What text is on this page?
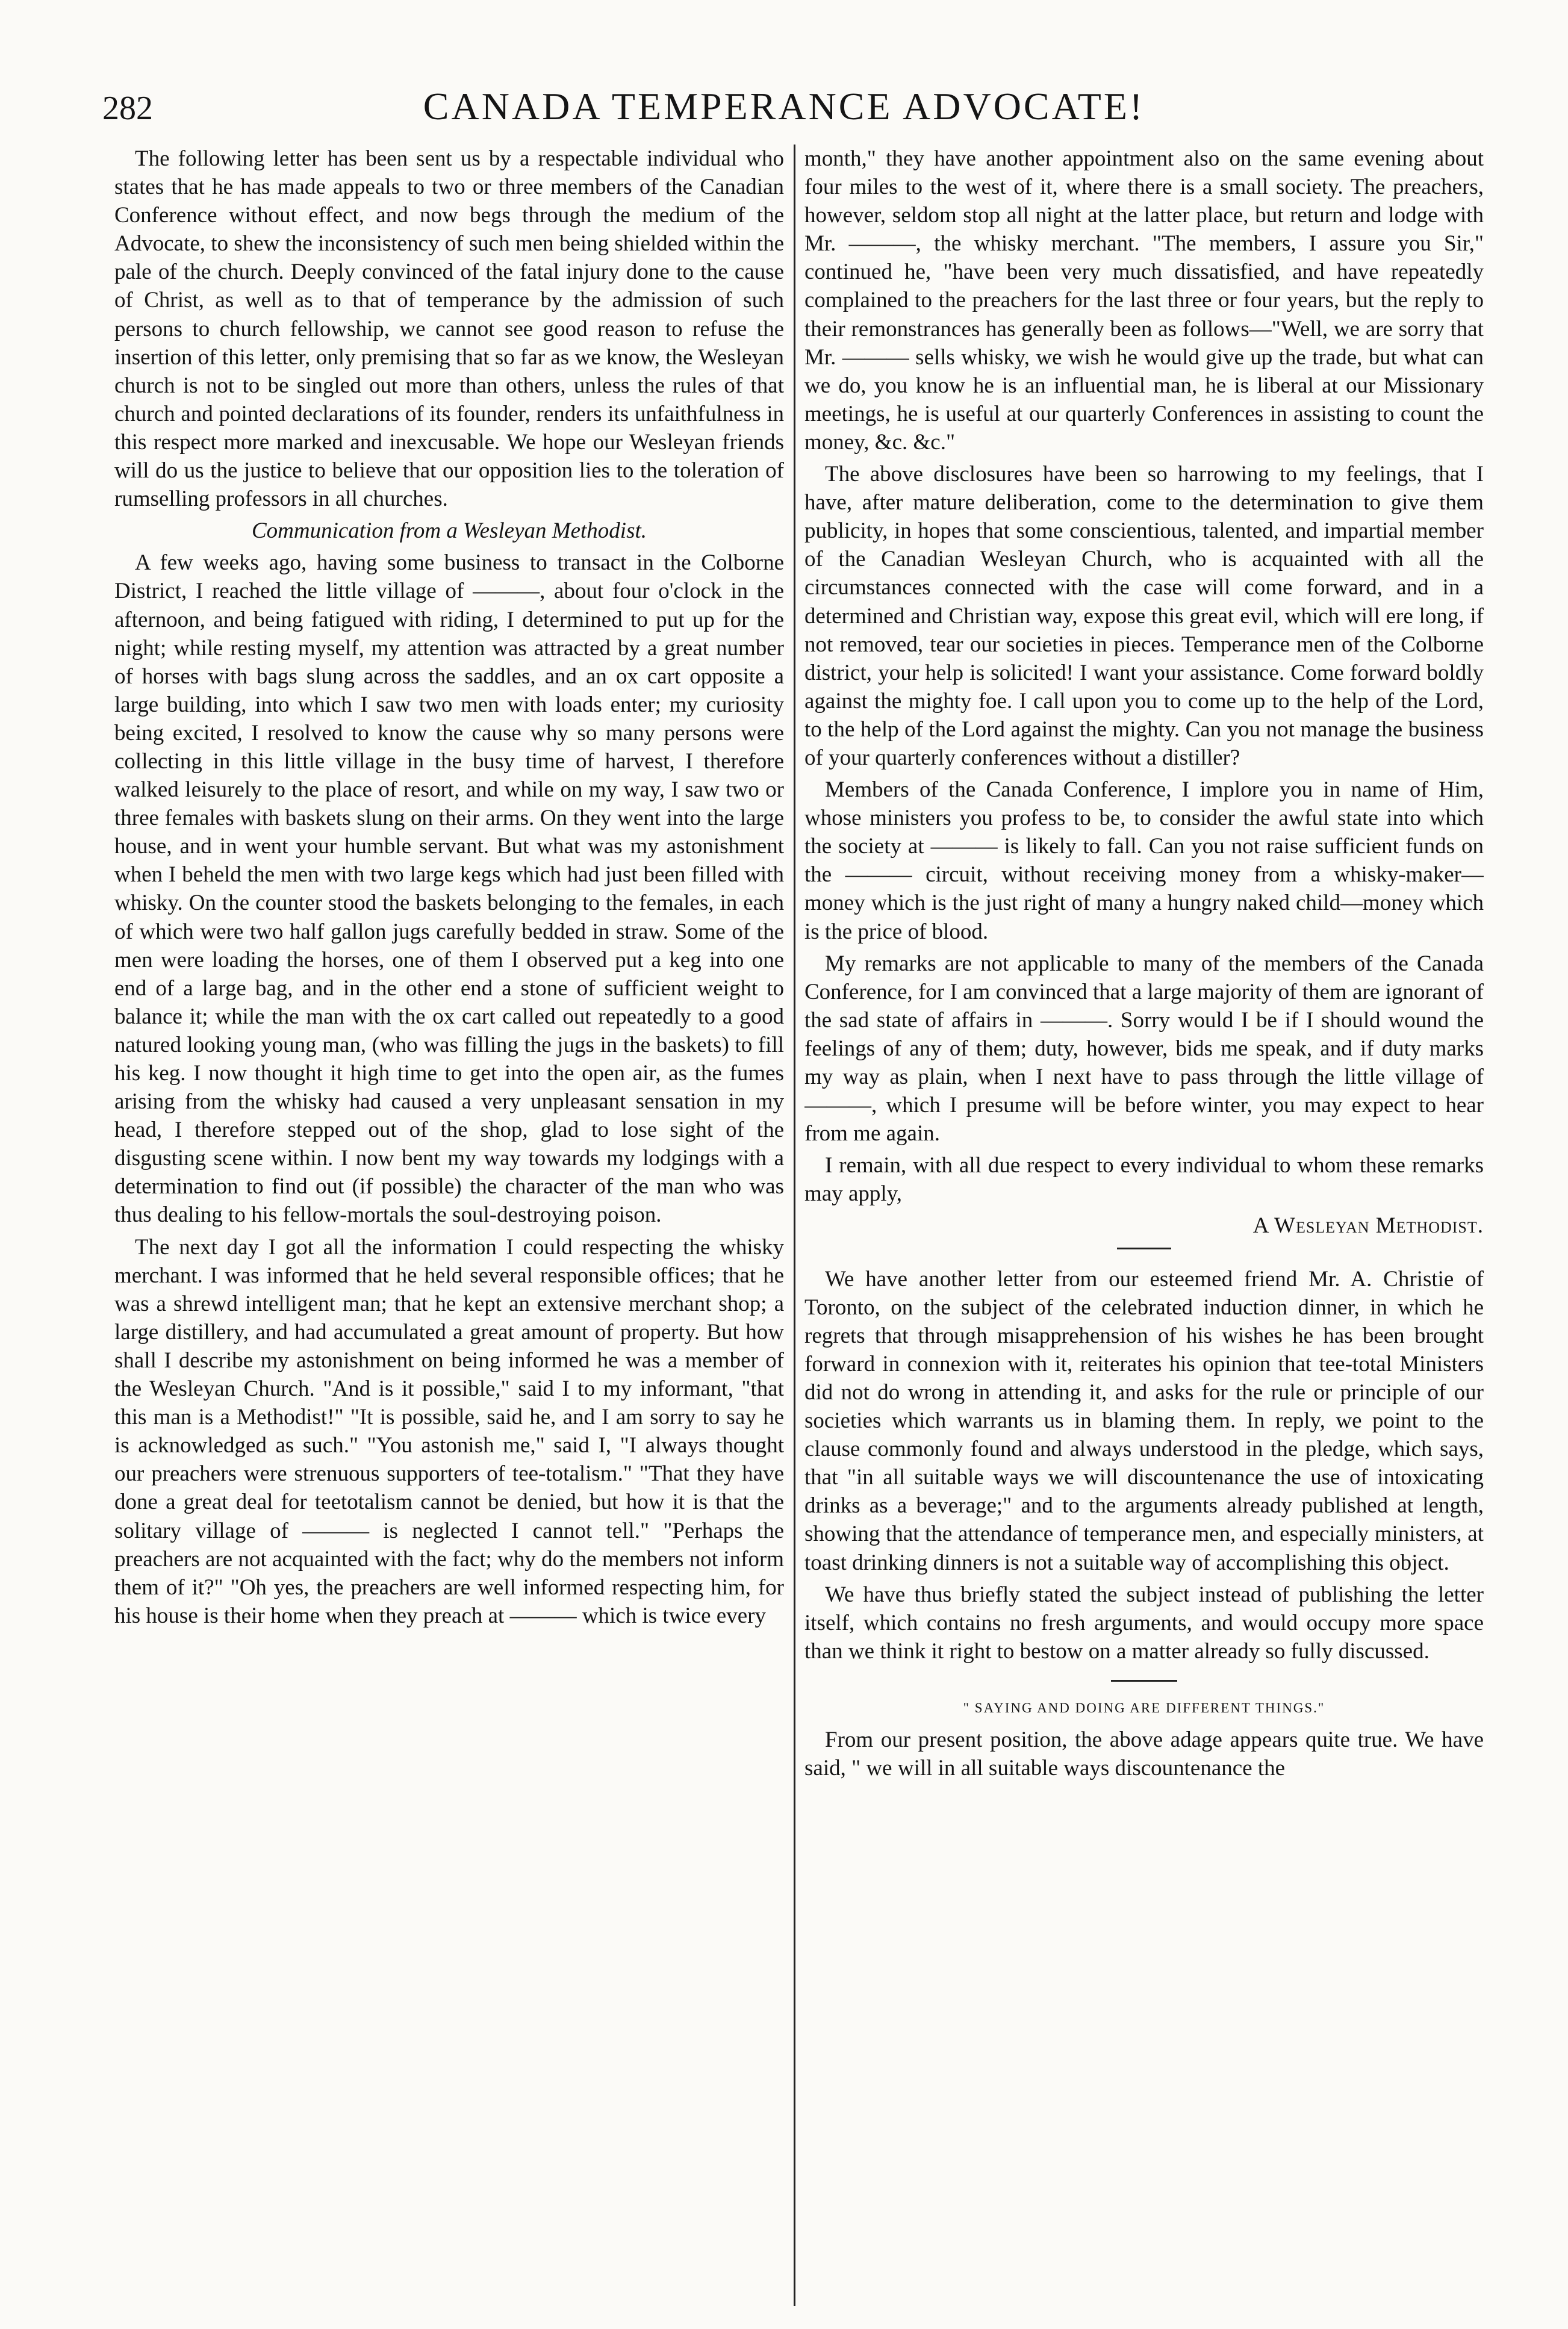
282	CANADA TEMPERANCE ADVOCATE!

The following letter has been sent us by a respectable individual who states that he has made appeals to two or three members of the Canadian Conference without effect, and now begs through the medium of the Advocate, to shew the inconsistency of such men being shielded within the pale of the church. Deeply convinced of the fatal injury done to the cause of Christ, as well as to that of temperance by the admission of such persons to church fellowship, we cannot see good reason to refuse the insertion of this letter, only premising that so far as we know, the Wesleyan church is not to be singled out more than others, unless the rules of that church and pointed declarations of its founder, renders its unfaithfulness in this respect more marked and inexcusable. We hope our Wesleyan friends will do us the justice to believe that our opposition lies to the toleration of rumselling professors in all churches.

Communication from a Wesleyan Methodist.

A few weeks ago, having some business to transact in the Colborne District, I reached the little village of ———, about four o'clock in the afternoon, and being fatigued with riding, I determined to put up for the night; while resting myself, my attention was attracted by a great number of horses with bags slung across the saddles, and an ox cart opposite a large building, into which I saw two men with loads enter; my curiosity being excited, I resolved to know the cause why so many persons were collecting in this little village in the busy time of harvest, I therefore walked leisurely to the place of resort, and while on my way, I saw two or three females with baskets slung on their arms. On they went into the large house, and in went your humble servant. But what was my astonishment when I beheld the men with two large kegs which had just been filled with whisky. On the counter stood the baskets belonging to the females, in each of which were two half gallon jugs carefully bedded in straw. Some of the men were loading the horses, one of them I observed put a keg into one end of a large bag, and in the other end a stone of sufficient weight to balance it; while the man with the ox cart called out repeatedly to a good natured looking young man, (who was filling the jugs in the baskets) to fill his keg. I now thought it high time to get into the open air, as the fumes arising from the whisky had caused a very unpleasant sensation in my head, I therefore stepped out of the shop, glad to lose sight of the disgusting scene within. I now bent my way towards my lodgings with a determination to find out (if possible) the character of the man who was thus dealing to his fellow-mortals the soul-destroying poison.

The next day I got all the information I could respecting the whisky merchant. I was informed that he held several responsible offices; that he was a shrewd intelligent man; that he kept an extensive merchant shop; a large distillery, and had accumulated a great amount of property. But how shall I describe my astonishment on being informed he was a member of the Wesleyan Church. "And is it possible," said I to my informant, "that this man is a Methodist!" "It is possible, said he, and I am sorry to say he is acknowledged as such." "You astonish me," said I, "I always thought our preachers were strenuous supporters of tee-totalism." "That they have done a great deal for teetotalism cannot be denied, but how it is that the solitary village of ——— is neglected I cannot tell." "Perhaps the preachers are not acquainted with the fact; why do the members not inform them of it?" "Oh yes, the preachers are well informed respecting him, for his house is their home when they preach at ——— which is twice every

month," they have another appointment also on the same evening about four miles to the west of it, where there is a small society. The preachers, however, seldom stop all night at the latter place, but return and lodge with Mr. ———, the whisky merchant. "The members, I assure you Sir," continued he, "have been very much dissatisfied, and have repeatedly complained to the preachers for the last three or four years, but the reply to their remonstrances has generally been as follows—"Well, we are sorry that Mr. ——— sells whisky, we wish he would give up the trade, but what can we do, you know he is an influential man, he is liberal at our Missionary meetings, he is useful at our quarterly Conferences in assisting to count the money, &c. &c."

The above disclosures have been so harrowing to my feelings, that I have, after mature deliberation, come to the determination to give them publicity, in hopes that some conscientious, talented, and impartial member of the Canadian Wesleyan Church, who is acquainted with all the circumstances connected with the case will come forward, and in a determined and Christian way, expose this great evil, which will ere long, if not removed, tear our societies in pieces. Temperance men of the Colborne district, your help is solicited! I want your assistance. Come forward boldly against the mighty foe. I call upon you to come up to the help of the Lord, to the help of the Lord against the mighty. Can you not manage the business of your quarterly conferences without a distiller?

Members of the Canada Conference, I implore you in name of Him, whose ministers you profess to be, to consider the awful state into which the society at ——— is likely to fall. Can you not raise sufficient funds on the ——— circuit, without receiving money from a whisky-maker— money which is the just right of many a hungry naked child—money which is the price of blood.

My remarks are not applicable to many of the members of the Canada Conference, for I am convinced that a large majority of them are ignorant of the sad state of affairs in ———. Sorry would I be if I should wound the feelings of any of them; duty, however, bids me speak, and if duty marks my way as plain, when I next have to pass through the little village of ———, which I presume will be before winter, you may expect to hear from me again.

I remain, with all due respect to every individual to whom these remarks may apply,

A Wesleyan Methodist.

We have another letter from our esteemed friend Mr. A. Christie of Toronto, on the subject of the celebrated induction dinner, in which he regrets that through misapprehension of his wishes he has been brought forward in connexion with it, reiterates his opinion that tee-total Ministers did not do wrong in attending it, and asks for the rule or principle of our societies which warrants us in blaming them. In reply, we point to the clause commonly found and always understood in the pledge, which says, that "in all suitable ways we will discountenance the use of intoxicating drinks as a beverage;" and to the arguments already published at length, showing that the attendance of temperance men, and especially ministers, at toast drinking dinners is not a suitable way of accomplishing this object.

We have thus briefly stated the subject instead of publishing the letter itself, which contains no fresh arguments, and would occupy more space than we think it right to bestow on a matter already so fully discussed.

" SAYING AND DOING ARE DIFFERENT THINGS."

From our present position, the above adage appears quite true. We have said, " we will in all suitable ways discountenance the
